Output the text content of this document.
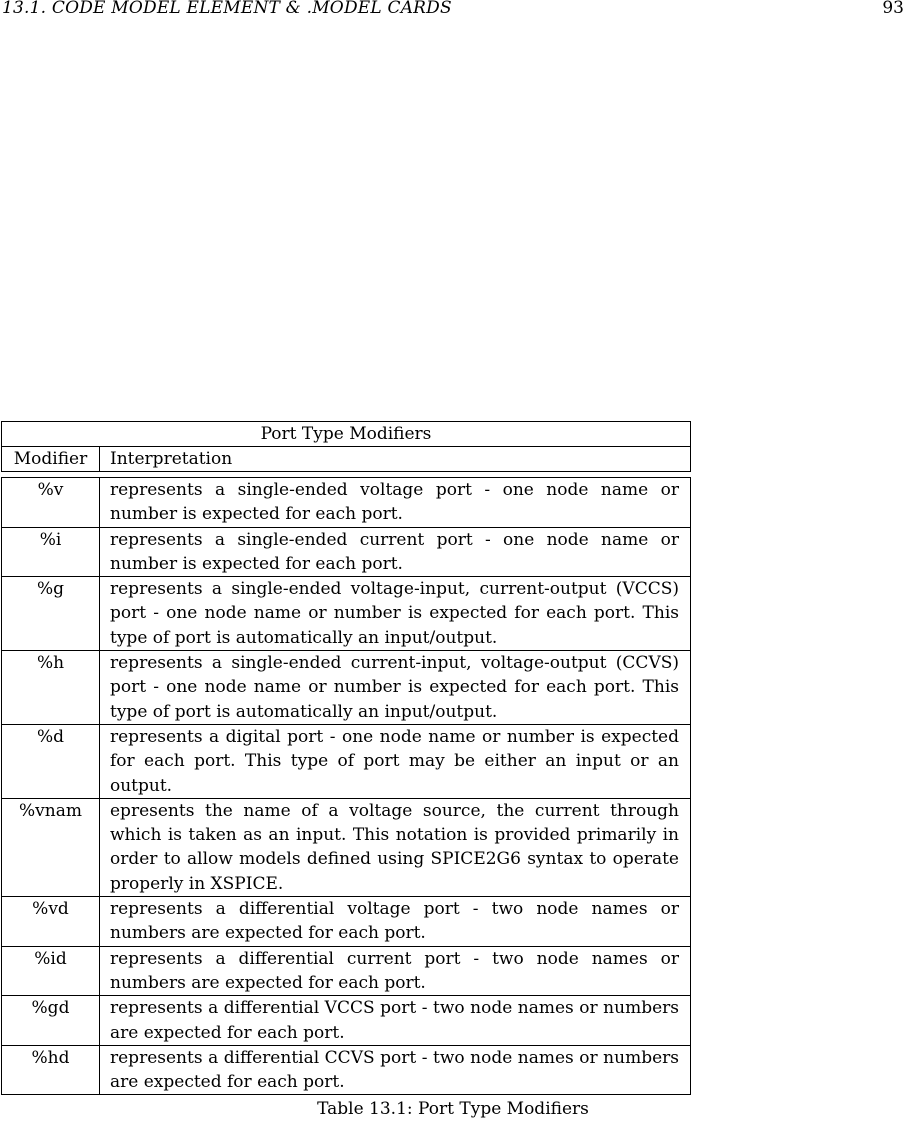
13.1. CODE MODEL ELEMENT & .MODEL CARDS	93
Port Type Modifiers
Modifier	Interpretation
%v	represents a single-ended voltage port - one node name or number is expected for each port.
%i	represents a single-ended current port - one node name or number is expected for each port.
%g	represents a single-ended voltage-input, current-output (VCCS) port - one node name or number is expected for each port. This type of port is automatically an input/output.
%h	represents a single-ended current-input, voltage-output (CCVS) port - one node name or number is expected for each port. This type of port is automatically an input/output.
%d	represents a digital port - one node name or number is expected for each port. This type of port may be either an input or an output.
%vnam	epresents the name of a voltage source, the current through which is taken as an input. This notation is provided primarily in order to allow models defined using SPICE2G6 syntax to operate properly in XSPICE.
%vd	represents a differential voltage port - two node names or numbers are expected for each port.
%id	represents a differential current port - two node names or numbers are expected for each port.
%gd	represents a differential VCCS port - two node names or numbers are expected for each port.
%hd	represents a differential CCVS port - two node names or numbers are expected for each port.
Table 13.1: Port Type Modifiers
